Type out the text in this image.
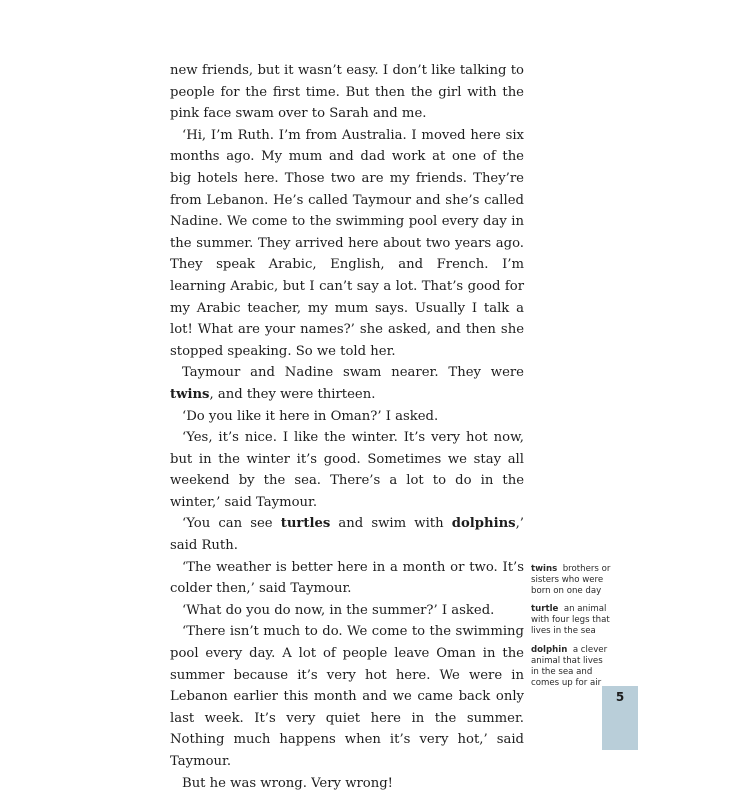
new friends, but it wasn’t easy. I don’t like talking to people for the first time. But then the girl with the pink face swam over to Sarah and me.

‘Hi, I’m Ruth. I’m from Australia. I moved here six months ago. My mum and dad work at one of the big hotels here. Those two are my friends. They’re from Lebanon. He’s called Taymour and she’s called Nadine. We come to the swimming pool every day in the summer. They arrived here about two years ago. They speak Arabic, English, and French. I’m learning Arabic, but I can’t say a lot. That’s good for my Arabic teacher, my mum says. Usually I talk a lot! What are your names?’ she asked, and then she stopped speaking. So we told her.

Taymour and Nadine swam nearer. They were twins, and they were thirteen.

‘Do you like it here in Oman?’ I asked.

‘Yes, it’s nice. I like the winter. It’s very hot now, but in the winter it’s good. Sometimes we stay all weekend by the sea. There’s a lot to do in the winter,’ said Taymour.

‘You can see turtles and swim with dolphins,’ said Ruth.

‘The weather is better here in a month or two. It’s colder then,’ said Taymour.

‘What do you do now, in the summer?’ I asked.

‘There isn’t much to do. We come to the swimming pool every day. A lot of people leave Oman in the summer because it’s very hot here. We were in Lebanon earlier this month and we came back only last week. It’s very quiet here in the summer. Nothing much happens when it’s very hot,’ said Taymour.

But he was wrong. Very wrong!

twins brothers or sisters who were born on one day
turtle an animal with four legs that lives in the sea
dolphin a clever animal that lives in the sea and comes up for air
5
